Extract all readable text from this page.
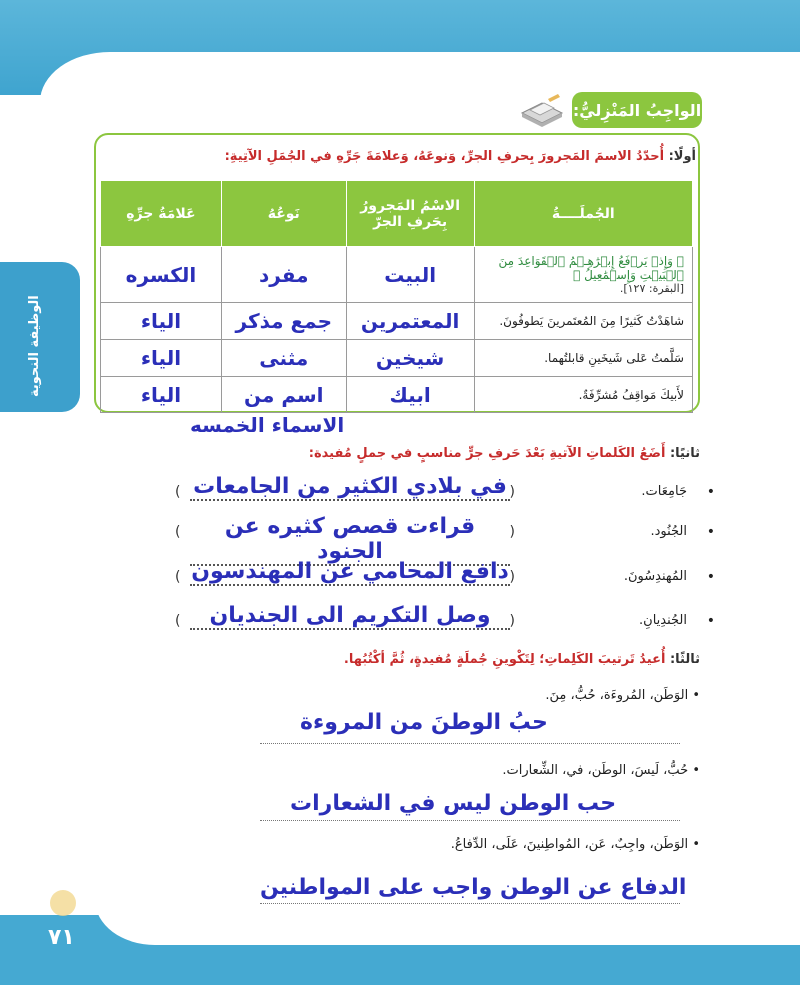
٧١
الوظيفة النحوية
الواجِبُ المَنْزِليُّ:
أولًا: أُحدّدُ الاسمَ المَجرورَ بِحرفِ الجرِّ، وَنوعَهُ، وَعلامَةَ جَرِّهِ في الجُمَلِ الآتِيةِ:
الجُملَــــةُ	الاسْمُ المَجرورُ بِحَرفِ الجرّ	نَوعُهُ	عَلامَةُ جرِّهِ

﴿ وَإِذۡ يَرۡفَعُ إِبۡرَٰهِـۧمُ ٱلۡقَوَاعِدَ مِنَ ٱلۡبَيۡتِ وَإِسۡمَٰعِيلُ ﴾
[البقرة: ١٢٧].	البيت	مفرد	الكسره
شاهَدْتُ كَثيرًا مِنَ المُعتَمرينَ يَطوفُونَ.	المعتمرين	جمع مذكر	الياء
سَلَّمتُ عَلى شَيخَينِ قابلتُهما.	شيخين	مثنى	الياء
لأَبيكَ مَواقِفُ مُشرِّفَةٌ.	ابيك	اسم من	الياء
الاسماء الخمسه
ثانيًا: أَضَعُ الكَلماتِ الآتيةِ بَعْدَ حَرفِ جرٍّ مناسبٍ في جملٍ مُفيدة:
•
جَامِعَات.
(
) في بلادي الكثير من الجامعات
•
الجُنُود.
(
)	قراءت قصص كثيره عن الجنود
•
المُهندِسُونَ.
(
) دافع المحامي عن المهندسون
•
الجُندِيانِ.
(
)	وصل التكريم الى الجنديان
ثالثًا: أُعيدُ تَرتيبَ الكَلِماتِ؛ لِتَكْوينِ جُملَةٍ مُفيدةٍ، ثُمَّ أكْتُبُها.
• الوَطَن، المُروءَة، حُبُّ، مِنَ.
حبُ الوطنَ من المروءة
• حُبُّ، لَيسَ، الوطَن، في، الشِّعارات.
حب الوطن ليس في الشعارات
• الوَطَن، واجِبٌ، عَن، المُواطِنينَ، عَلَى، الدِّفاعُ.
الدفاع عن الوطن واجب على المواطنين
